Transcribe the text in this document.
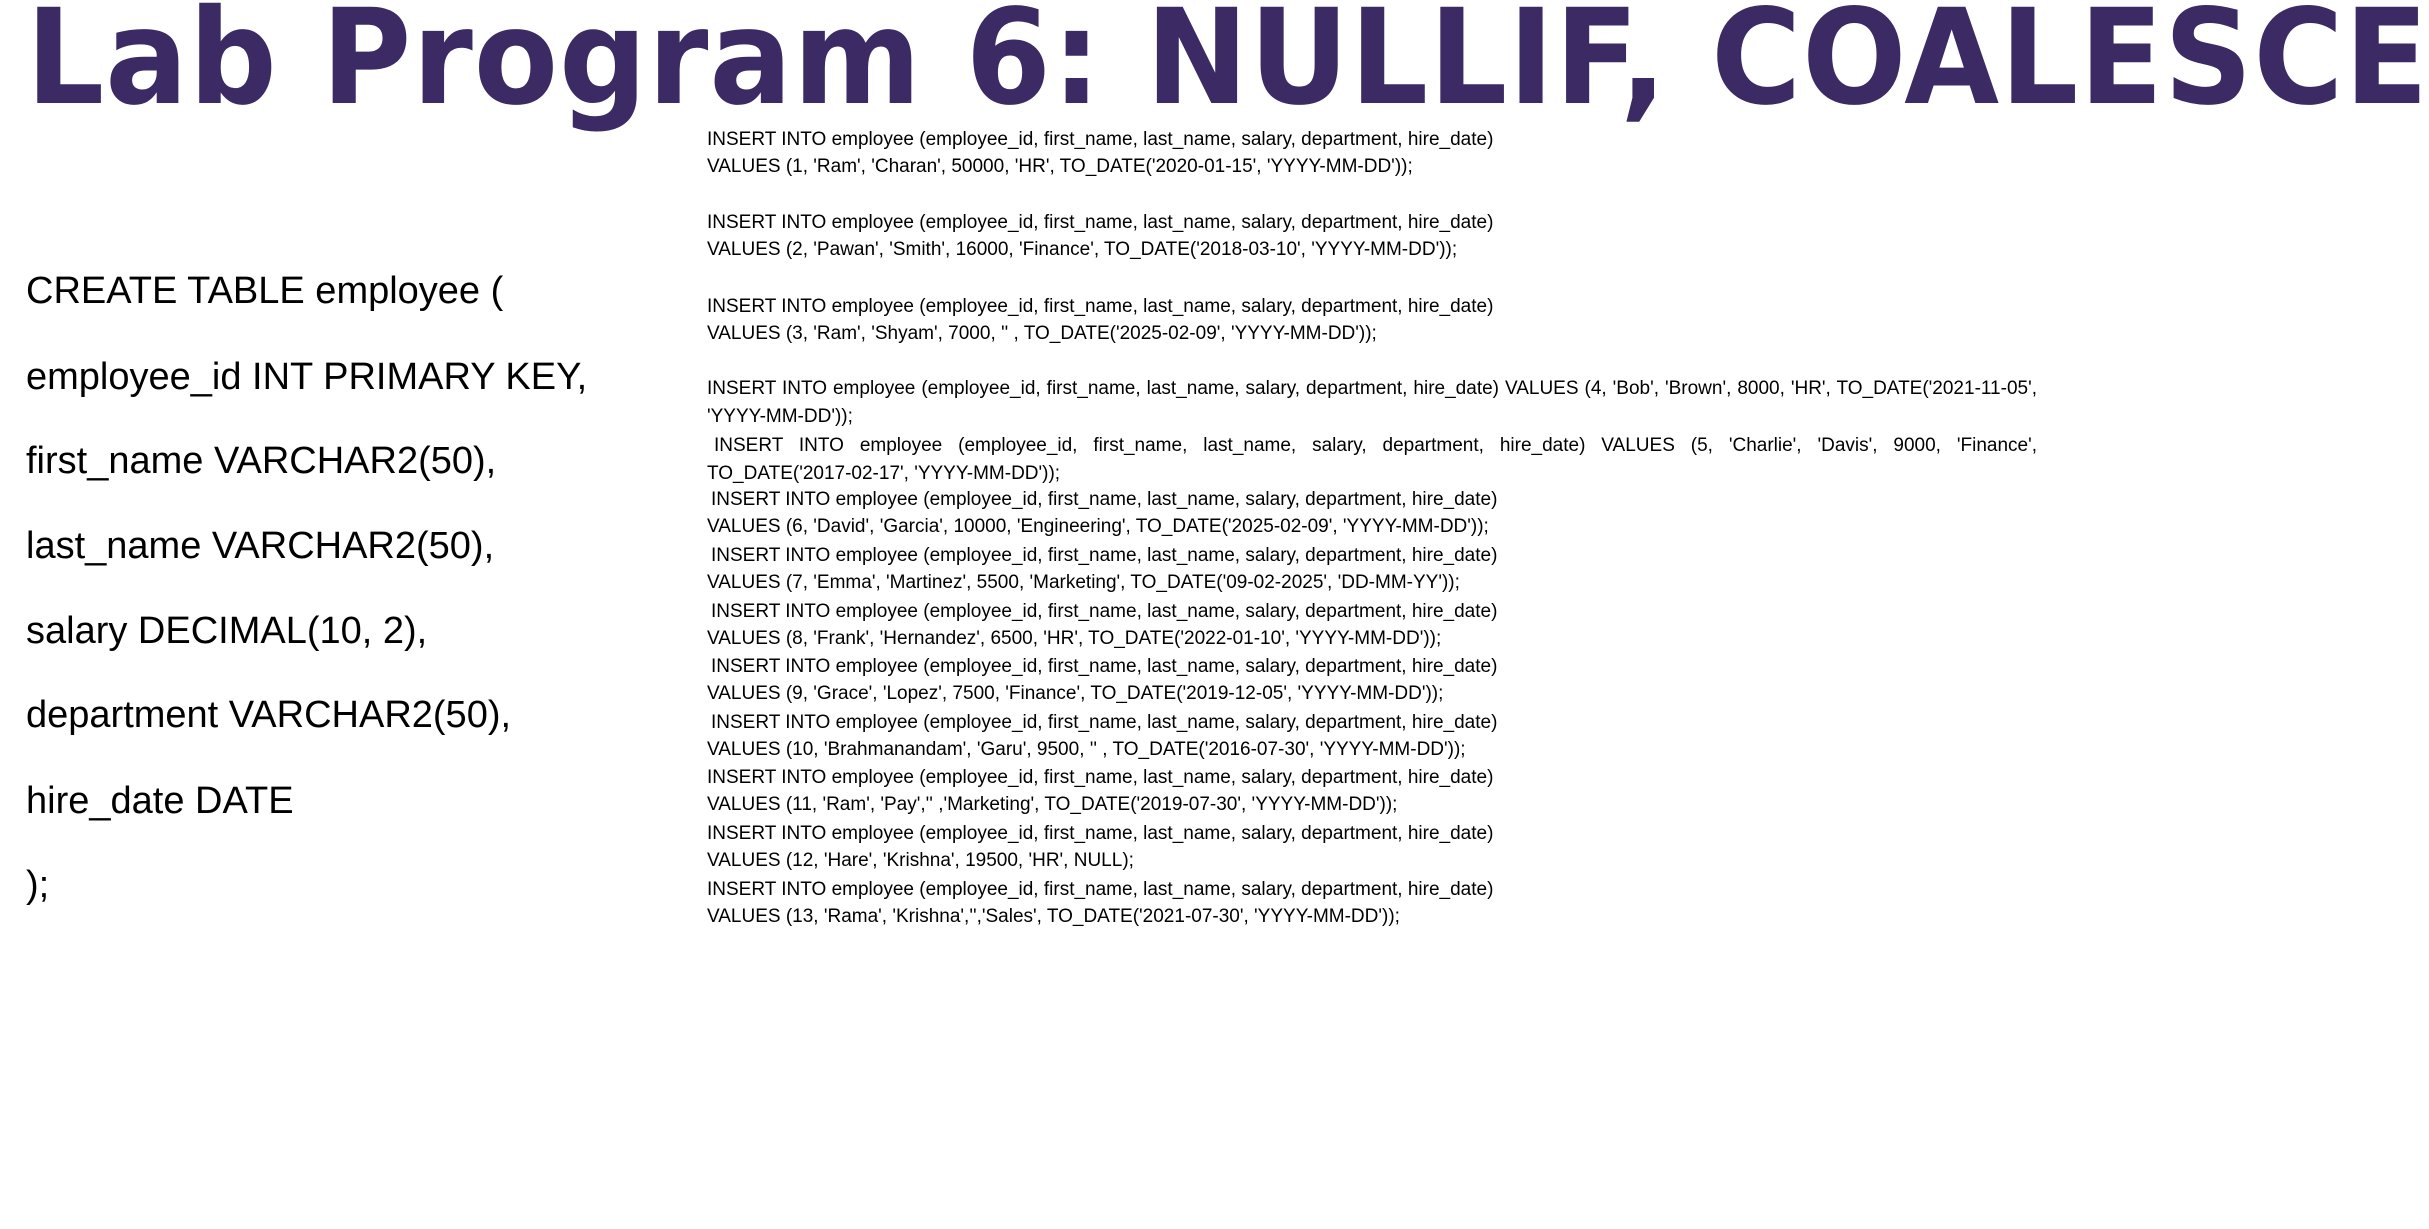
Lab Program 6: NULLIF, COALESCE
CREATE TABLE employee (
employee_id INT PRIMARY KEY,
first_name VARCHAR2(50),
last_name VARCHAR2(50),
salary DECIMAL(10, 2),
department VARCHAR2(50),
hire_date DATE
);
INSERT INTO employee (employee_id, first_name, last_name, salary, department, hire_date)
VALUES (1, 'Ram', 'Charan', 50000, 'HR', TO_DATE('2020-01-15', 'YYYY-MM-DD'));
INSERT INTO employee (employee_id, first_name, last_name, salary, department, hire_date)
VALUES (2, 'Pawan', 'Smith', 16000, 'Finance', TO_DATE('2018-03-10', 'YYYY-MM-DD'));
INSERT INTO employee (employee_id, first_name, last_name, salary, department, hire_date)
VALUES (3, 'Ram', 'Shyam', 7000, '' , TO_DATE('2025-02-09', 'YYYY-MM-DD'));
INSERT INTO employee (employee_id, first_name, last_name, salary, department, hire_date) VALUES (4, 'Bob', 'Brown', 8000, 'HR', TO_DATE('2021-11-05', 'YYYY-MM-DD'));
INSERT INTO employee (employee_id, first_name, last_name, salary, department, hire_date) VALUES (5, 'Charlie', 'Davis', 9000, 'Finance', TO_DATE('2017-02-17', 'YYYY-MM-DD'));
INSERT INTO employee (employee_id, first_name, last_name, salary, department, hire_date)
VALUES (6, 'David', 'Garcia', 10000, 'Engineering', TO_DATE('2025-02-09', 'YYYY-MM-DD'));
INSERT INTO employee (employee_id, first_name, last_name, salary, department, hire_date)
VALUES (7, 'Emma', 'Martinez', 5500, 'Marketing', TO_DATE('09-02-2025', 'DD-MM-YY'));
INSERT INTO employee (employee_id, first_name, last_name, salary, department, hire_date)
VALUES (8, 'Frank', 'Hernandez', 6500, 'HR', TO_DATE('2022-01-10', 'YYYY-MM-DD'));
INSERT INTO employee (employee_id, first_name, last_name, salary, department, hire_date)
VALUES (9, 'Grace', 'Lopez', 7500, 'Finance', TO_DATE('2019-12-05', 'YYYY-MM-DD'));
INSERT INTO employee (employee_id, first_name, last_name, salary, department, hire_date)
VALUES (10, 'Brahmanandam', 'Garu', 9500, '' , TO_DATE('2016-07-30', 'YYYY-MM-DD'));
INSERT INTO employee (employee_id, first_name, last_name, salary, department, hire_date)
VALUES (11, 'Ram', 'Pay','' ,'Marketing', TO_DATE('2019-07-30', 'YYYY-MM-DD'));
INSERT INTO employee (employee_id, first_name, last_name, salary, department, hire_date)
VALUES (12, 'Hare', 'Krishna', 19500, 'HR', NULL);
INSERT INTO employee (employee_id, first_name, last_name, salary, department, hire_date)
VALUES (13, 'Rama', 'Krishna','','Sales', TO_DATE('2021-07-30', 'YYYY-MM-DD'));
